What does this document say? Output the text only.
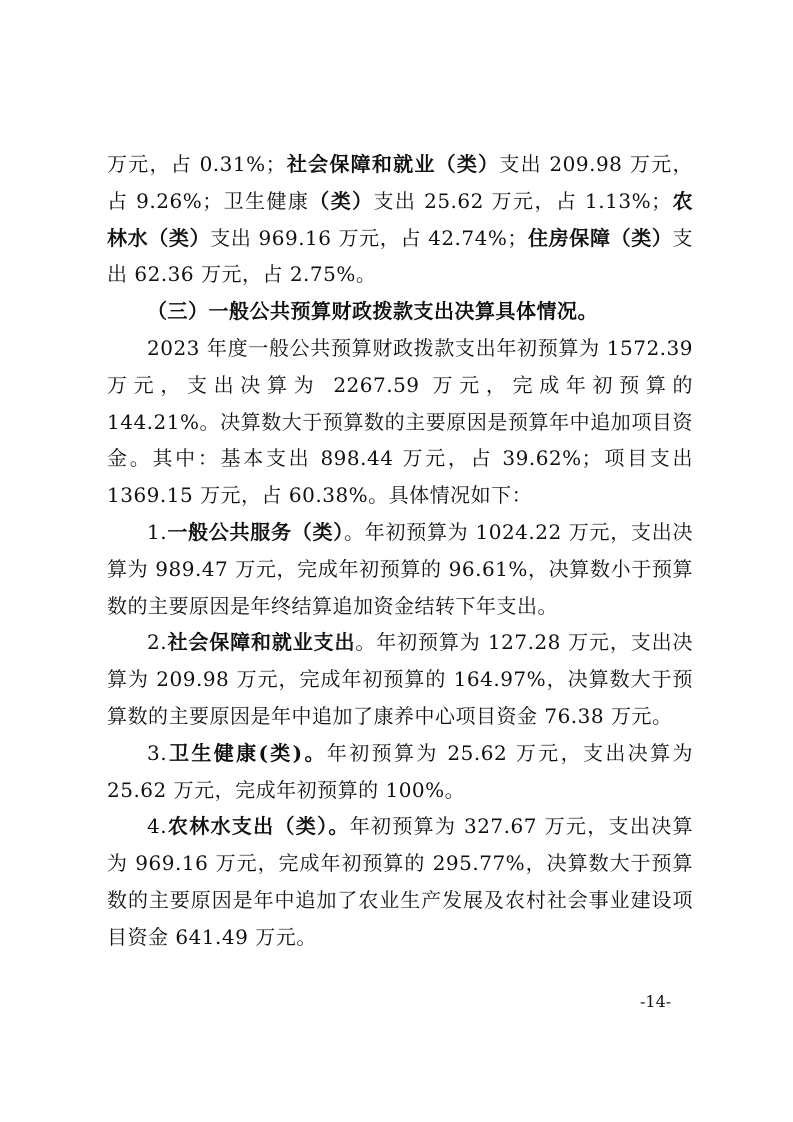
万元，占 0.31%；社会保障和就业（类）支出 209.98 万元，占 9.26%；卫生健康（类）支出 25.62 万元，占 1.13%；农林水（类）支出 969.16 万元，占 42.74%；住房保障（类）支出 62.36 万元，占 2.75%。

（三）一般公共预算财政拨款支出决算具体情况。

2023 年度一般公共预算财政拨款支出年初预算为 1572.39 万元，支出决算为 2267.59 万元，完成年初预算的 144.21%。决算数大于预算数的主要原因是预算年中追加项目资金。其中：基本支出 898.44 万元，占 39.62%；项目支出 1369.15 万元，占 60.38%。具体情况如下：

1.一般公共服务（类）。年初预算为 1024.22 万元，支出决算为 989.47 万元，完成年初预算的 96.61%，决算数小于预算数的主要原因是年终结算追加资金结转下年支出。

2.社会保障和就业支出。年初预算为 127.28 万元，支出决算为 209.98 万元，完成年初预算的 164.97%，决算数大于预算数的主要原因是年中追加了康养中心项目资金 76.38 万元。

3.卫生健康(类)。年初预算为 25.62 万元，支出决算为 25.62 万元，完成年初预算的 100%。

4.农林水支出（类）。年初预算为 327.67 万元，支出决算为 969.16 万元，完成年初预算的 295.77%，决算数大于预算数的主要原因是年中追加了农业生产发展及农村社会事业建设项目资金 641.49 万元。

-14-
